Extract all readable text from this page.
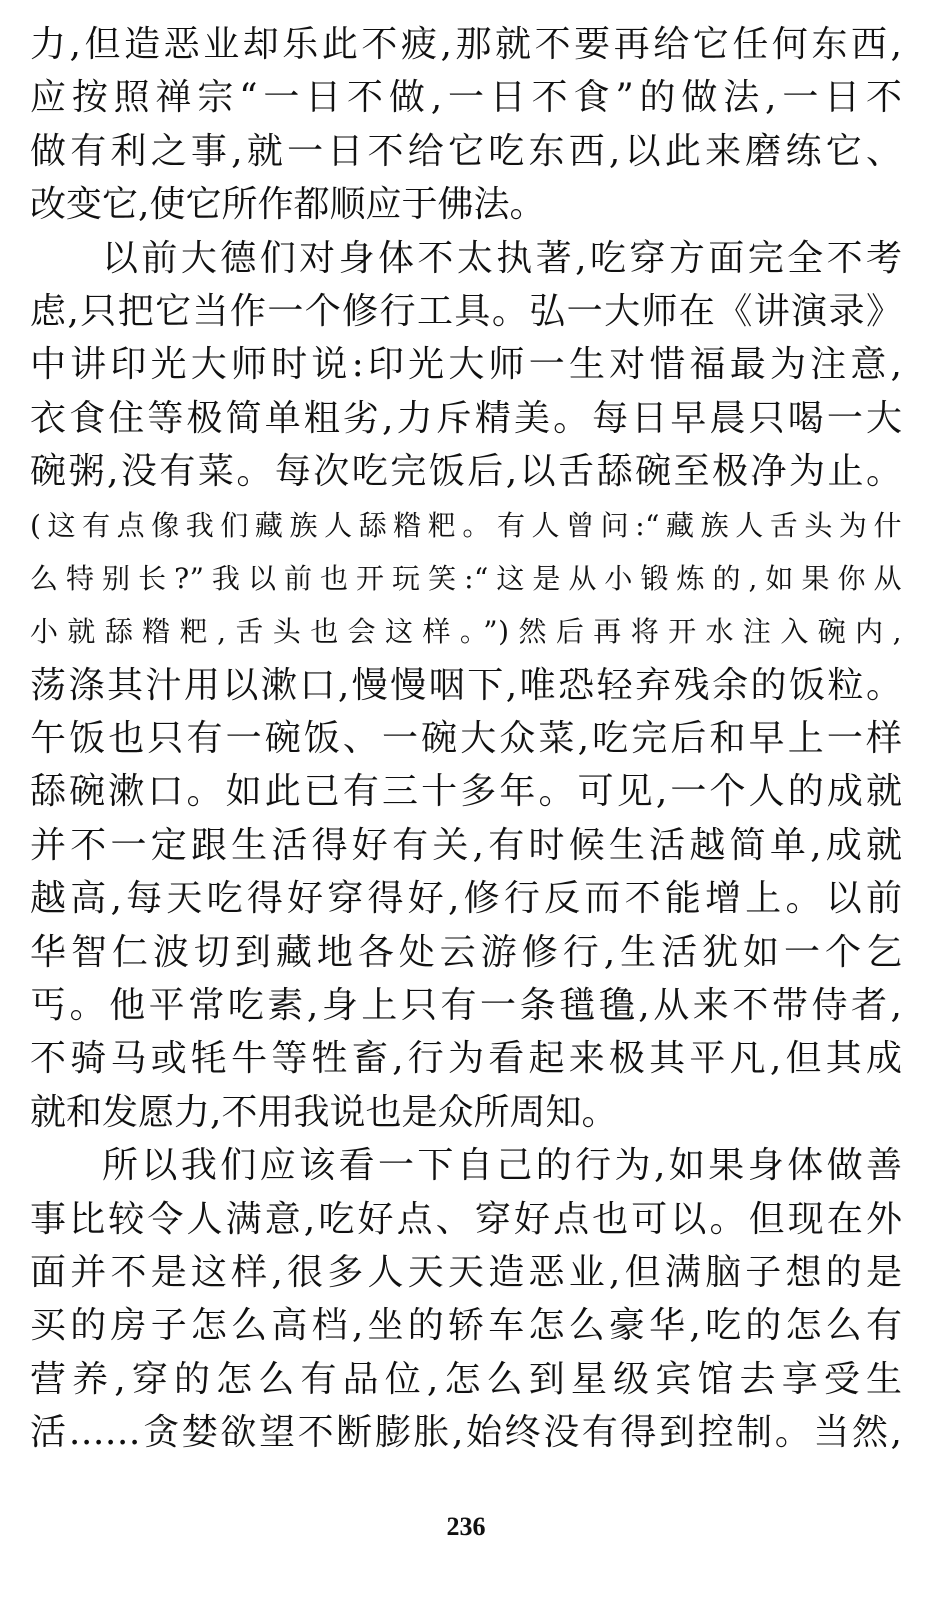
力,但造恶业却乐此不疲,那就不要再给它任何东西,
应按照禅宗“一日不做,一日不食”的做法,一日不
做有利之事,就一日不给它吃东西,以此来磨练它、
改变它,使它所作都顺应于佛法。
以前大德们对身体不太执著,吃穿方面完全不考
虑,只把它当作一个修行工具。弘一大师在《讲演录》
中讲印光大师时说:印光大师一生对惜福最为注意,
衣食住等极简单粗劣,力斥精美。每日早晨只喝一大
碗粥,没有菜。每次吃完饭后,以舌舔碗至极净为止。
(这有点像我们藏族人舔糌粑。有人曾问:“藏族人舌头为什
么特别长?”我以前也开玩笑:“这是从小锻炼的,如果你从
小就舔糌粑,舌头也会这样。”)然后再将开水注入碗内,
荡涤其汁用以漱口,慢慢咽下,唯恐轻弃残余的饭粒。
午饭也只有一碗饭、一碗大众菜,吃完后和早上一样
舔碗漱口。如此已有三十多年。可见,一个人的成就
并不一定跟生活得好有关,有时候生活越简单,成就
越高,每天吃得好穿得好,修行反而不能增上。以前
华智仁波切到藏地各处云游修行,生活犹如一个乞
丐。他平常吃素,身上只有一条氆氇,从来不带侍者,
不骑马或牦牛等牲畜,行为看起来极其平凡,但其成
就和发愿力,不用我说也是众所周知。
所以我们应该看一下自己的行为,如果身体做善
事比较令人满意,吃好点、穿好点也可以。但现在外
面并不是这样,很多人天天造恶业,但满脑子想的是
买的房子怎么高档,坐的轿车怎么豪华,吃的怎么有
营养,穿的怎么有品位,怎么到星级宾馆去享受生
活……贪婪欲望不断膨胀,始终没有得到控制。当然,
236
